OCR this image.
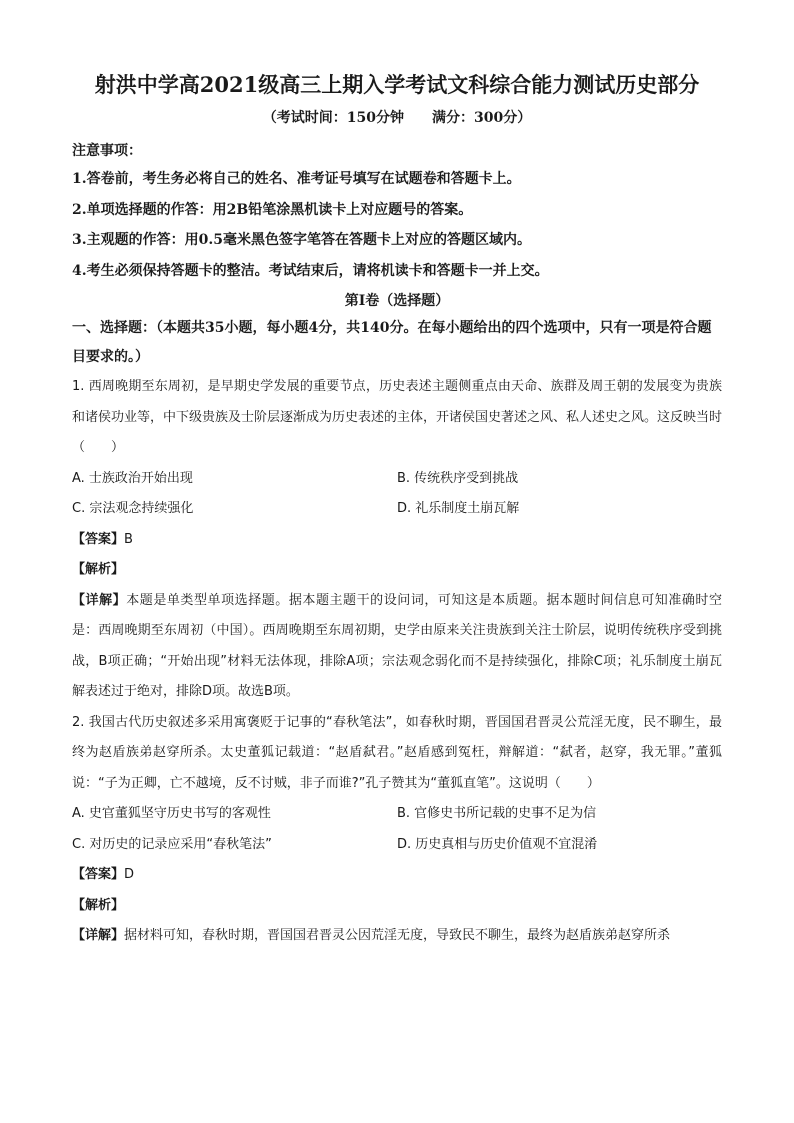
射洪中学高2021级高三上期入学考试文科综合能力测试历史部分
（考试时间：150分钟　　满分：300分）

注意事项：

1.答卷前，考生务必将自己的姓名、准考证号填写在试题卷和答题卡上。

2.单项选择题的作答：用2B铅笔涂黑机读卡上对应题号的答案。

3.主观题的作答：用0.5毫米黑色签字笔答在答题卡上对应的答题区域内。

4.考生必须保持答题卡的整洁。考试结束后，请将机读卡和答题卡一并上交。

第Ⅰ卷（选择题）

一、选择题：（本题共35小题，每小题4分，共140分。在每小题给出的四个选项中，只有一项是符合题目要求的。）

1. 西周晚期至东周初，是早期史学发展的重要节点，历史表述主题侧重点由天命、族群及周王朝的发展变为贵族和诸侯功业等，中下级贵族及士阶层逐渐成为历史表述的主体，开诸侯国史著述之风、私人述史之风。这反映当时（　　）

A. 士族政治开始出现	B. 传统秩序受到挑战
C. 宗法观念持续强化	D. 礼乐制度土崩瓦解

【答案】B

【解析】

【详解】本题是单类型单项选择题。据本题主题干的设问词，可知这是本质题。据本题时间信息可知准确时空是：西周晚期至东周初（中国）。西周晚期至东周初期，史学由原来关注贵族到关注士阶层，说明传统秩序受到挑战，B项正确；“开始出现”材料无法体现，排除A项；宗法观念弱化而不是持续强化，排除C项；礼乐制度土崩瓦解表述过于绝对，排除D项。故选B项。

2. 我国古代历史叙述多采用寓褒贬于记事的“春秋笔法”，如春秋时期，晋国国君晋灵公荒淫无度，民不聊生，最终为赵盾族弟赵穿所杀。太史董狐记载道：“赵盾弑君。”赵盾感到冤枉，辩解道：“弑者，赵穿，我无罪。”董狐说：“子为正卿，亡不越境，反不讨贼，非子而谁?”孔子赞其为“董狐直笔”。这说明（　　）

A. 史官董狐坚守历史书写的客观性	B. 官修史书所记载的史事不足为信
C. 对历史的记录应采用“春秋笔法”	D. 历史真相与历史价值观不宜混淆

【答案】D

【解析】

【详解】据材料可知，春秋时期，晋国国君晋灵公因荒淫无度，导致民不聊生，最终为赵盾族弟赵穿所杀
